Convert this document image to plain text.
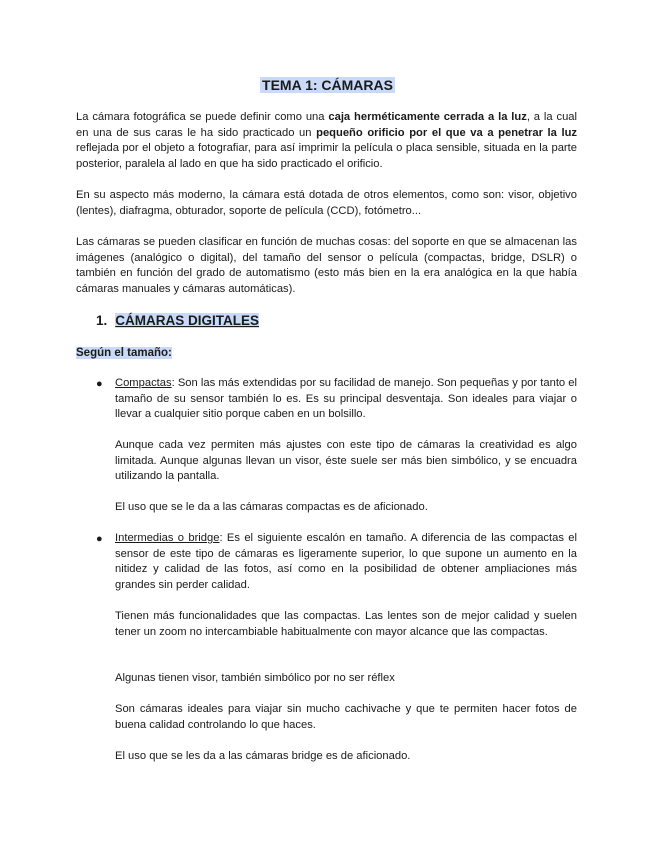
TEMA 1: CÁMARAS

La cámara fotográfica se puede definir como una caja herméticamente cerrada a la luz, a la cual en una de sus caras le ha sido practicado un pequeño orificio por el que va a penetrar la luz reflejada por el objeto a fotografiar, para así imprimir la película o placa sensible, situada en la parte posterior, paralela al lado en que ha sido practicado el orificio.

En su aspecto más moderno, la cámara está dotada de otros elementos, como son: visor, objetivo (lentes), diafragma, obturador, soporte de película (CCD), fotómetro...

Las cámaras se pueden clasificar en función de muchas cosas: del soporte en que se almacenan las imágenes (analógico o digital), del tamaño del sensor o película (compactas, bridge, DSLR) o también en función del grado de automatismo (esto más bien en la era analógica en la que había cámaras manuales y cámaras automáticas).

1. CÁMARAS DIGITALES
Según el tamaño:
● Compactas: Son las más extendidas por su facilidad de manejo. Son pequeñas y por tanto el tamaño de su sensor también lo es. Es su principal desventaja. Son ideales para viajar o llevar a cualquier sitio porque caben en un bolsillo.

Aunque cada vez permiten más ajustes con este tipo de cámaras la creatividad es algo limitada. Aunque algunas llevan un visor, éste suele ser más bien simbólico, y se encuadra utilizando la pantalla.

El uso que se le da a las cámaras compactas es de aficionado.

● Intermedias o bridge: Es el siguiente escalón en tamaño. A diferencia de las compactas el sensor de este tipo de cámaras es ligeramente superior, lo que supone un aumento en la nitidez y calidad de las fotos, así como en la posibilidad de obtener ampliaciones más grandes sin perder calidad.

Tienen más funcionalidades que las compactas. Las lentes son de mejor calidad y suelen tener un zoom no intercambiable habitualmente con mayor alcance que las compactas.

Algunas tienen visor, también simbólico por no ser réflex

Son cámaras ideales para viajar sin mucho cachivache y que te permiten hacer fotos de buena calidad controlando lo que haces.

El uso que se les da a las cámaras bridge es de aficionado.
